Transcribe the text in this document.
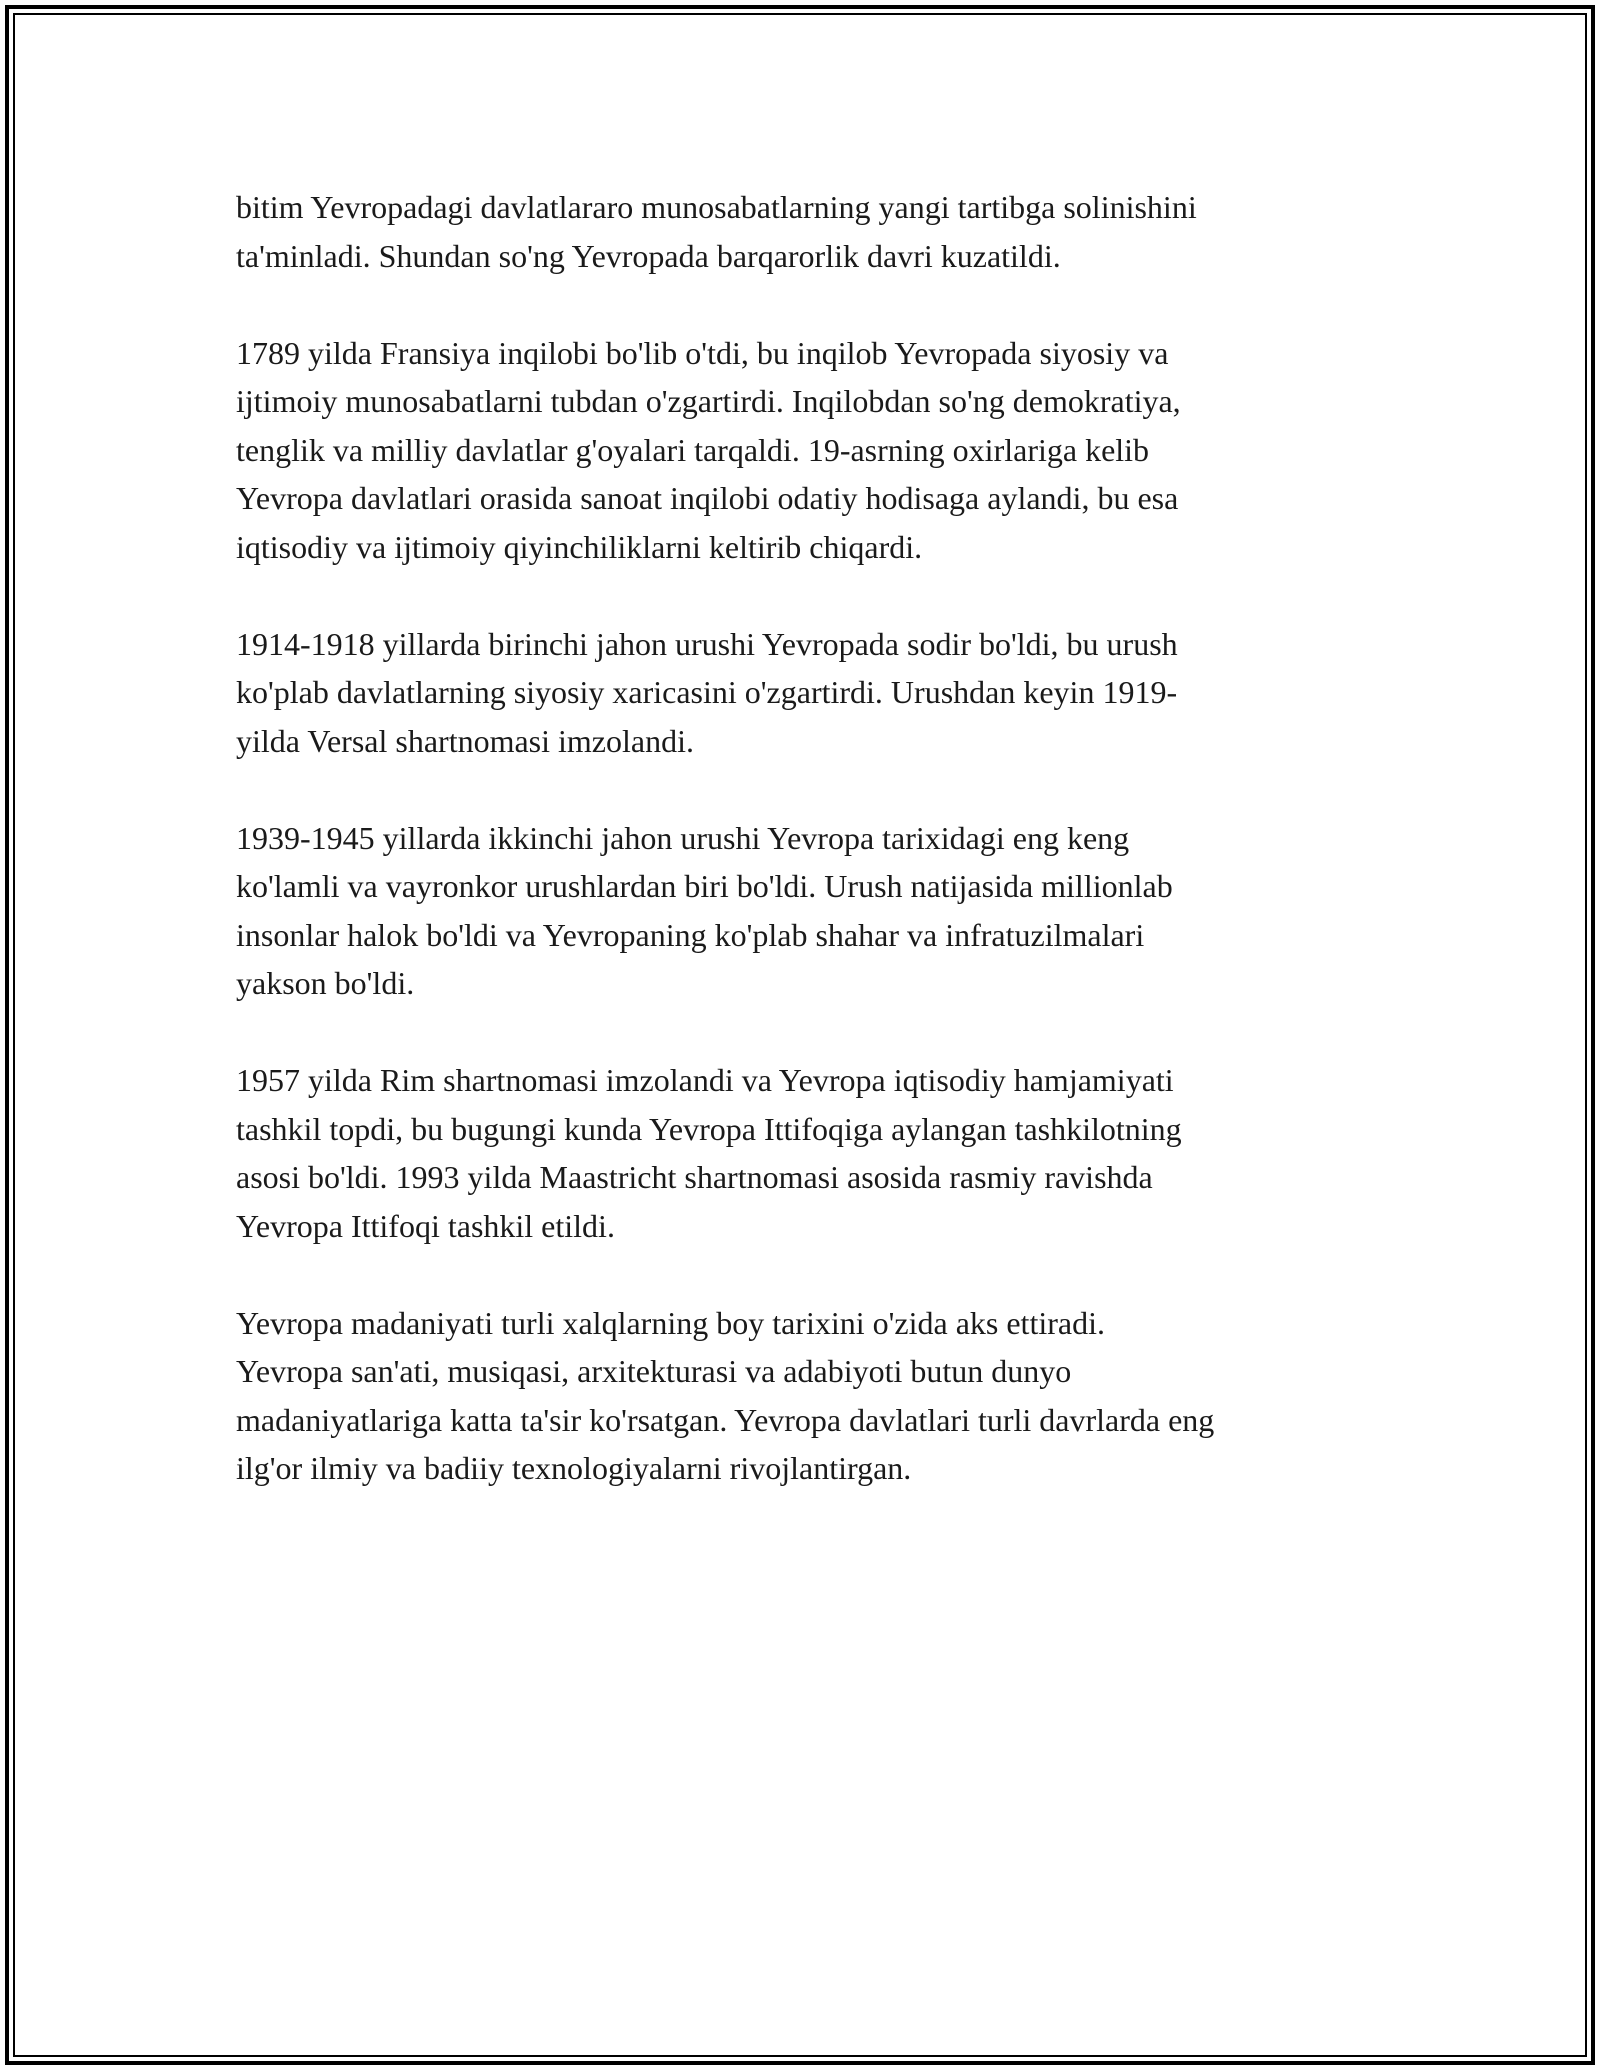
bitim Yevropadagi davlatlararo munosabatlarning yangi tartibga solinishini
ta'minladi. Shundan so'ng Yevropada barqarorlik davri kuzatildi.

1789 yilda Fransiya inqilobi bo'lib o'tdi, bu inqilob Yevropada siyosiy va
ijtimoiy munosabatlarni tubdan o'zgartirdi. Inqilobdan so'ng demokratiya,
tenglik va milliy davlatlar g'oyalari tarqaldi. 19-asrning oxirlariga kelib
Yevropa davlatlari orasida sanoat inqilobi odatiy hodisaga aylandi, bu esa
iqtisodiy va ijtimoiy qiyinchiliklarni keltirib chiqardi.

1914-1918 yillarda birinchi jahon urushi Yevropada sodir bo'ldi, bu urush
ko'plab davlatlarning siyosiy xaricasini o'zgartirdi. Urushdan keyin 1919-
yilda Versal shartnomasi imzolandi.

1939-1945 yillarda ikkinchi jahon urushi Yevropa tarixidagi eng keng
ko'lamli va vayronkor urushlardan biri bo'ldi. Urush natijasida millionlab
insonlar halok bo'ldi va Yevropaning ko'plab shahar va infratuzilmalari
yakson bo'ldi.

1957 yilda Rim shartnomasi imzolandi va Yevropa iqtisodiy hamjamiyati
tashkil topdi, bu bugungi kunda Yevropa Ittifoqiga aylangan tashkilotning
asosi bo'ldi. 1993 yilda Maastricht shartnomasi asosida rasmiy ravishda
Yevropa Ittifoqi tashkil etildi.

Yevropa madaniyati turli xalqlarning boy tarixini o'zida aks ettiradi.
Yevropa san'ati, musiqasi, arxitekturasi va adabiyoti butun dunyo
madaniyatlariga katta ta'sir ko'rsatgan. Yevropa davlatlari turli davrlarda eng
ilg'or ilmiy va badiiy texnologiyalarni rivojlantirgan.
